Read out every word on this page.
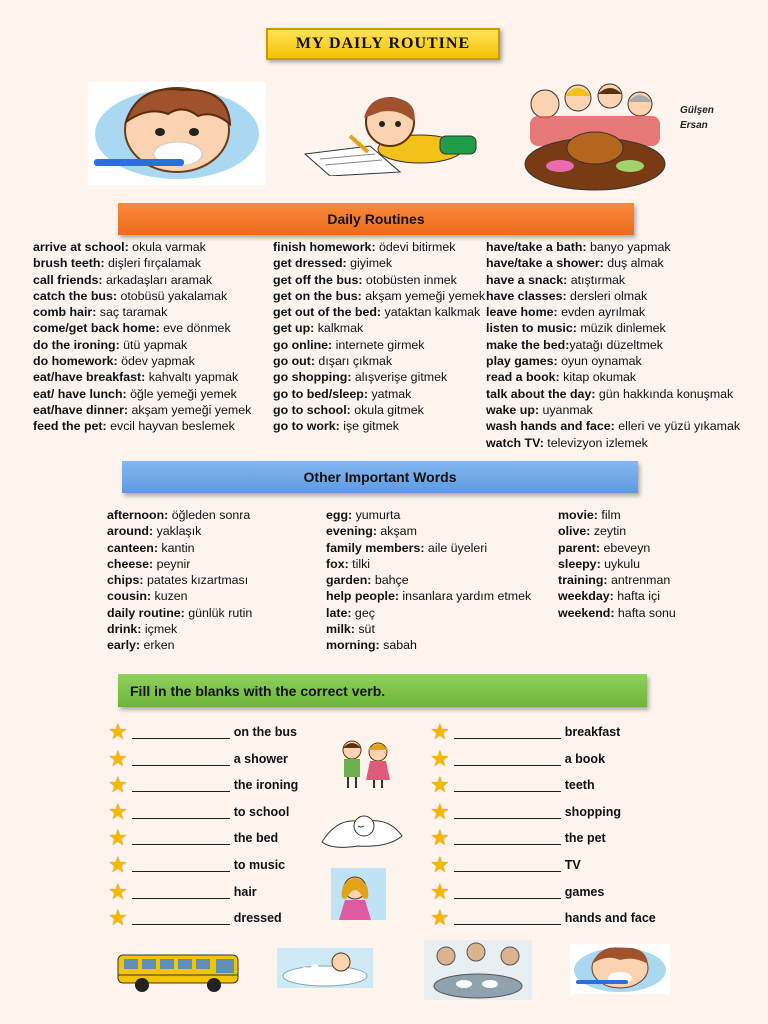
MY DAILY ROUTINE
Gülşen
Ersan
Daily Routines
arrive at school: okula varmak
brush teeth: dişleri fırçalamak
call friends: arkadaşları aramak
catch the bus: otobüsü yakalamak
comb hair: saç taramak
come/get back home: eve dönmek
do the ironing: ütü yapmak
do homework: ödev yapmak
eat/have breakfast: kahvaltı yapmak
eat/ have lunch: öğle yemeği yemek
eat/have dinner: akşam yemeği yemek
feed the pet: evcil hayvan beslemek
finish homework: ödevi bitirmek
get dressed: giyimek
get off the bus: otobüsten inmek
get on the bus: akşam yemeği yemek
get out of the bed: yataktan kalkmak
get up: kalkmak
go online: internete girmek
go out: dışarı çıkmak
go shopping: alışverişe gitmek
go to bed/sleep: yatmak
go to school: okula gitmek
go to work: işe gitmek
have/take a bath: banyo yapmak
have/take a shower: duş almak
have a snack: atıştırmak
have classes: dersleri olmak
leave home: evden ayrılmak
listen to music: müzik dinlemek
make the bed:yatağı düzeltmek
play games: oyun oynamak
read a book: kitap okumak
talk about the day: gün hakkında konuşmak
wake up: uyanmak
wash hands and face: elleri ve yüzü yıkamak
watch TV: televizyon izlemek
Other Important Words
afternoon: öğleden sonra
around: yaklaşık
canteen: kantin
cheese: peynir
chips: patates kızartması
cousin: kuzen
daily routine: günlük rutin
drink: içmek
early: erken
egg: yumurta
evening: akşam
family members: aile üyeleri
fox: tilki
garden: bahçe
help people: insanlara yardım etmek
late: geç
milk: süt
morning: sabah
movie: film
olive: zeytin
parent: ebeveyn
sleepy: uykulu
training: antrenman
weekday: hafta içi
weekend: hafta sonu
Fill in the blanks with the correct verb.
★	on the bus
★	a shower
★	the ironing
★	to school
★	the bed
★	to music
★	hair
★	dressed
★	breakfast
★	a book
★	teeth
★	shopping
★	the pet
★	TV
★	games
★	hands and face
